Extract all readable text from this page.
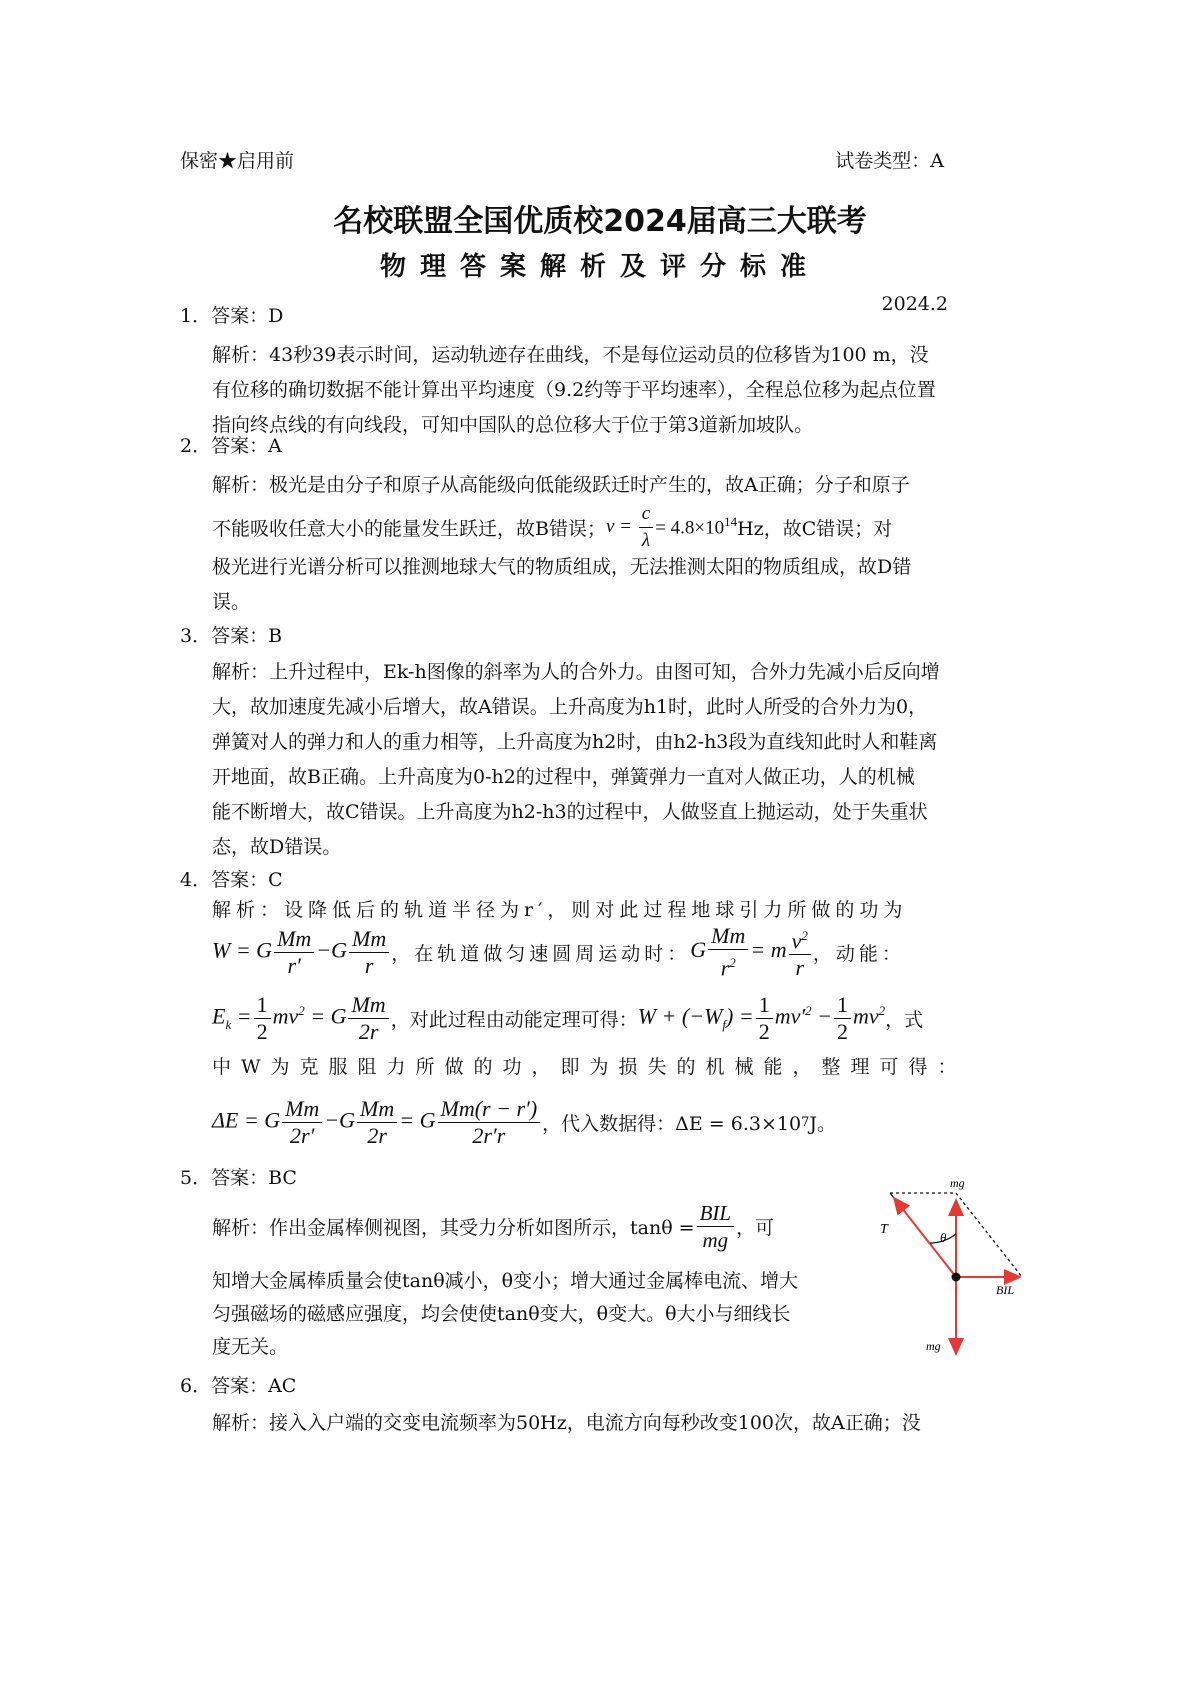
保密★启用前	试卷类型：A
名校联盟全国优质校2024届高三大联考
物理答案解析及评分标准
2024.2
1．答案：D
解析：43秒39表示时间，运动轨迹存在曲线，不是每位运动员的位移皆为100 m，没
有位移的确切数据不能计算出平均速度（9.2约等于平均速率），全程总位移为起点位置
指向终点线的有向线段，可知中国队的总位移大于位于第3道新加坡队。
2．答案：A
解析：极光是由分子和原子从高能级向低能级跃迁时产生的，故A正确；分子和原子
不能吸收任意大小的能量发生跃迁，故B错误； $\nu = \frac{c}{\lambda} = 4.8\times 10^{14}$ Hz，故C错误；对
极光进行光谱分析可以推测地球大气的物质组成，无法推测太阳的物质组成，故D错
误。
3．答案：B
解析：上升过程中，Ek-h图像的斜率为人的合外力。由图可知，合外力先减小后反向增
大，故加速度先减小后增大，故A错误。上升高度为h1时，此时人所受的合外力为0，
弹簧对人的弹力和人的重力相等，上升高度为h2时，由h2-h3段为直线知此时人和鞋离
开地面，故B正确。上升高度为0-h2的过程中，弹簧弹力一直对人做正功，人的机械
能不断增大，故C错误。上升高度为h2-h3的过程中，人做竖直上抛运动，处于失重状
态，故D错误。
4．答案：C
解析：设降低后的轨道半径为r′，则对此过程地球引力所做的功为
W = G $\frac{Mm}{r'} -G \frac{Mm}{r}$ ，在轨道做匀速圆周运动时： G $\frac{Mm}{r^2} = m \frac{v^2}{r}$ ，动能：
$E_k = \frac{1}{2} mv^2 = G \frac{Mm}{2r}$ ，对此过程由动能定理可得： $W + (-W_f) = \frac{1}{2} mv'^2 - \frac{1}{2} mv^2$ ，式
中W为克服阻力所做的功，即为损失的机械能，整理可得：
ΔE = G $\frac{Mm}{2r'} -G \frac{Mm}{2r} = G \frac{Mm(r - r')}{2r'r}$ ，代入数据得：ΔE = 6.3×10 7 J。
5．答案：BC
解析：作出金属棒侧视图，其受力分析如图所示，$\tan\theta = \frac{\text{BIL}}{mg}$ ，可
知增大金属棒质量会使tanθ减小，θ变小；增大通过金属棒电流、增大
匀强磁场的磁感应强度，均会使使tanθ变大，θ变大。θ大小与细线长
度无关。
mg
T
θ
BIL
mg
6．答案：AC
解析：接入入户端的交变电流频率为50Hz，电流方向每秒改变100次，故A正确；没
